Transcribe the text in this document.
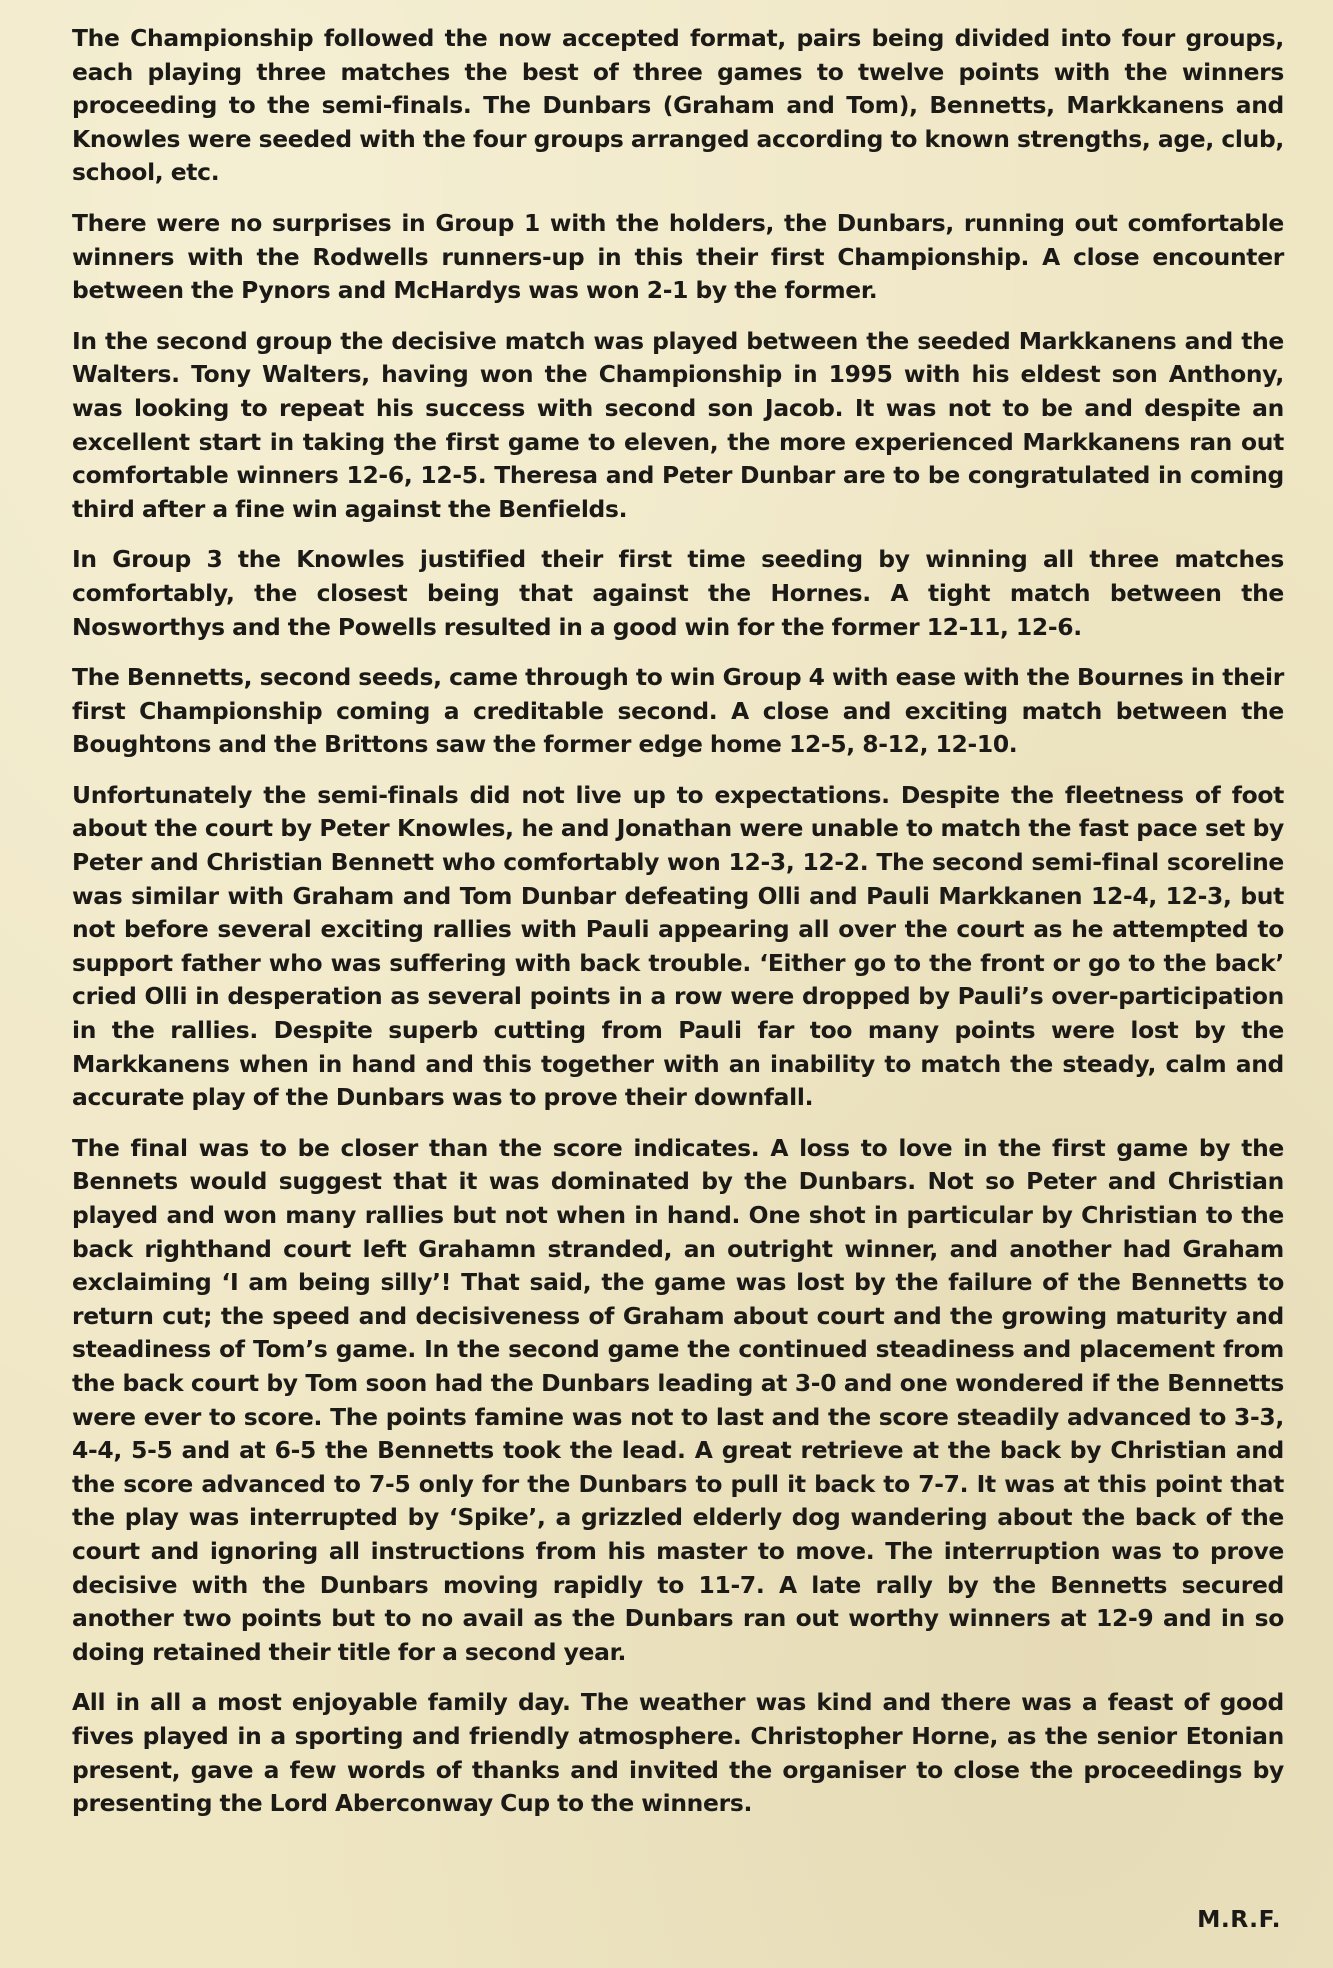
The Championship followed the now accepted format, pairs being divided into four groups, each playing three matches the best of three games to twelve points with the winners proceeding to the semi-finals. The Dunbars (Graham and Tom), Bennetts, Markkanens and Knowles were seeded with the four groups arranged according to known strengths, age, club, school, etc.

There were no surprises in Group 1 with the holders, the Dunbars, running out comfortable winners with the Rodwells runners-up in this their first Championship. A close encounter between the Pynors and McHardys was won 2-1 by the former.

In the second group the decisive match was played between the seeded Markkanens and the Walters. Tony Walters, having won the Championship in 1995 with his eldest son Anthony, was looking to repeat his success with second son Jacob. It was not to be and despite an excellent start in taking the first game to eleven, the more experienced Markkanens ran out comfortable winners 12-6, 12-5. Theresa and Peter Dunbar are to be congratulated in coming third after a fine win against the Benfields.

In Group 3 the Knowles justified their first time seeding by winning all three matches comfortably, the closest being that against the Hornes. A tight match between the Nosworthys and the Powells resulted in a good win for the former 12-11, 12-6.

The Bennetts, second seeds, came through to win Group 4 with ease with the Bournes in their first Championship coming a creditable second. A close and exciting match between the Boughtons and the Brittons saw the former edge home 12-5, 8-12, 12-10.

Unfortunately the semi-finals did not live up to expectations. Despite the fleetness of foot about the court by Peter Knowles, he and Jonathan were unable to match the fast pace set by Peter and Christian Bennett who comfortably won 12-3, 12-2. The second semi-final scoreline was similar with Graham and Tom Dunbar defeating Olli and Pauli Markkanen 12-4, 12-3, but not before several exciting rallies with Pauli appearing all over the court as he attempted to support father who was suffering with back trouble. ‘Either go to the front or go to the back’ cried Olli in desperation as several points in a row were dropped by Pauli’s over-participation in the rallies. Despite superb cutting from Pauli far too many points were lost by the Markkanens when in hand and this together with an inability to match the steady, calm and accurate play of the Dunbars was to prove their downfall.

The final was to be closer than the score indicates. A loss to love in the first game by the Bennets would suggest that it was dominated by the Dunbars. Not so Peter and Christian played and won many rallies but not when in hand. One shot in particular by Christian to the back righthand court left Grahamn stranded, an outright winner, and another had Graham exclaiming ‘I am being silly’! That said, the game was lost by the failure of the Bennetts to return cut; the speed and decisiveness of Graham about court and the growing maturity and steadiness of Tom’s game. In the second game the continued steadiness and placement from the back court by Tom soon had the Dunbars leading at 3-0 and one wondered if the Bennetts were ever to score. The points famine was not to last and the score steadily advanced to 3-3, 4-4, 5-5 and at 6-5 the Bennetts took the lead. A great retrieve at the back by Christian and the score advanced to 7-5 only for the Dunbars to pull it back to 7-7. It was at this point that the play was interrupted by ‘Spike’, a grizzled elderly dog wandering about the back of the court and ignoring all instructions from his master to move. The interruption was to prove decisive with the Dunbars moving rapidly to 11-7. A late rally by the Bennetts secured another two points but to no avail as the Dunbars ran out worthy winners at 12-9 and in so doing retained their title for a second year.

All in all a most enjoyable family day. The weather was kind and there was a feast of good fives played in a sporting and friendly atmosphere. Christopher Horne, as the senior Etonian present, gave a few words of thanks and invited the organiser to close the proceedings by presenting the Lord Aberconway Cup to the winners.

M.R.F.
